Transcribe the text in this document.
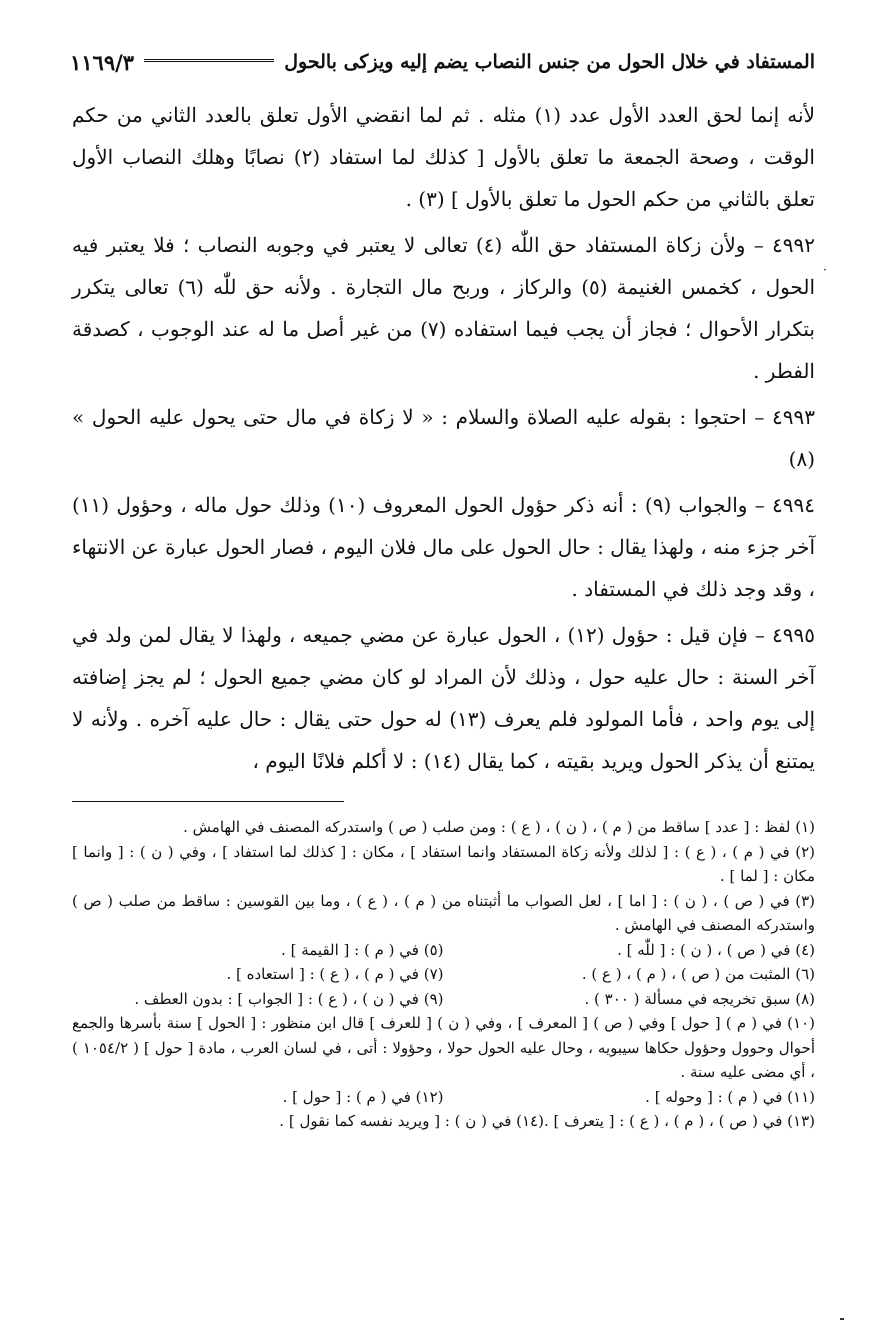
المستفاد في خلال الحول من جنس النصاب يضم إليه ويزكى بالحول
١١٦٩/٣
·

لأنه إنما لحق العدد الأول عدد (١) مثله . ثم لما انقضي الأول تعلق بالعدد الثاني من حكم الوقت ، وصحة الجمعة ما تعلق بالأول [ كذلك لما استفاد (٢) نصابًا وهلك النصاب الأول تعلق بالثاني من حكم الحول ما تعلق بالأول ] (٣) .

٤٩٩٢ – ولأن زكاة المستفاد حق اللّٰه (٤) تعالى لا يعتبر في وجوبه النصاب ؛ فلا يعتبر فيه الحول ، كخمس الغنيمة (٥) والركاز ، وربح مال التجارة . ولأنه حق للّٰه (٦) تعالى يتكرر بتكرار الأحوال ؛ فجاز أن يجب فيما استفاده (٧) من غير أصل ما له عند الوجوب ، كصدقة الفطر .

٤٩٩٣ – احتجوا : بقوله عليه الصلاة والسلام : « لا زكاة في مال حتى يحول عليه الحول » (٨)

٤٩٩٤ – والجواب (٩) : أنه ذكر حؤول الحول المعروف (١٠) وذلك حول ماله ، وحؤول (١١) آخر جزء منه ، ولهذا يقال : حال الحول على مال فلان اليوم ، فصار الحول عبارة عن الانتهاء ، وقد وجد ذلك في المستفاد .

٤٩٩٥ – فإن قيل : حؤول (١٢) ، الحول عبارة عن مضي جميعه ، ولهذا لا يقال لمن ولد في آخر السنة : حال عليه حول ، وذلك لأن المراد لو كان مضي جميع الحول ؛ لم يجز إضافته إلى يوم واحد ، فأما المولود فلم يعرف (١٣) له حول حتى يقال : حال عليه آخره . ولأنه لا يمتنع أن يذكر الحول ويريد بقيته ، كما يقال (١٤) : لا أكلم فلانًا اليوم ،

(١) لفظ : [ عدد ] ساقط من ( م ) ، ( ن ) ، ( ع ) : ومن صلب ( ص ) واستدركه المصنف في الهامش .

(٢) في ( م ) ، ( ع ) : [ لذلك ولأنه زكاة المستفاد وانما استفاد ] ، مكان : [ كذلك لما استفاد ] ، وفي ( ن ) : [ وانما ] مكان : [ لما ] .

(٣) في ( ص ) ، ( ن ) : [ اما ] ، لعل الصواب ما أثبتناه من ( م ) ، ( ع ) ، وما بين القوسين : ساقط من صلب ( ص ) واستدركه المصنف في الهامش .

(٤) في ( ص ) ، ( ن ) : [ للّٰه ] .
(٥) في ( م ) : [ القيمة ] .
(٦) المثبت من ( ص ) ، ( م ) ، ( ع ) .
(٧) في ( م ) ، ( ع ) : [ استعاده ] .
(٨) سبق تخريجه في مسألة ( ٣٠٠ ) .
(٩) في ( ن ) ، ( ع ) : [ الجواب ] : بدون العطف .

(١٠) في ( م ) [ حول ] وفي ( ص ) [ المعرف ] ، وفي ( ن ) [ للعرف ] قال ابن منظور : [ الحول ] سنة بأسرها والجمع أحوال وحوول وحؤول حكاها سيبويه ، وحال عليه الحول حولا ، وحؤولا : أتى ، في لسان العرب ، مادة [ حول ] ( ١٠٥٤/٢ ) ، أي مضى عليه سنة .

(١١) في ( م ) : [ وحوله ] .
(١٢) في ( م ) : [ حول ] .

(١٣) في ( ص ) ، ( م ) ، ( ع ) : [ يتعرف ] .(١٤) في ( ن ) : [ ويريد نفسه كما نقول ] .
